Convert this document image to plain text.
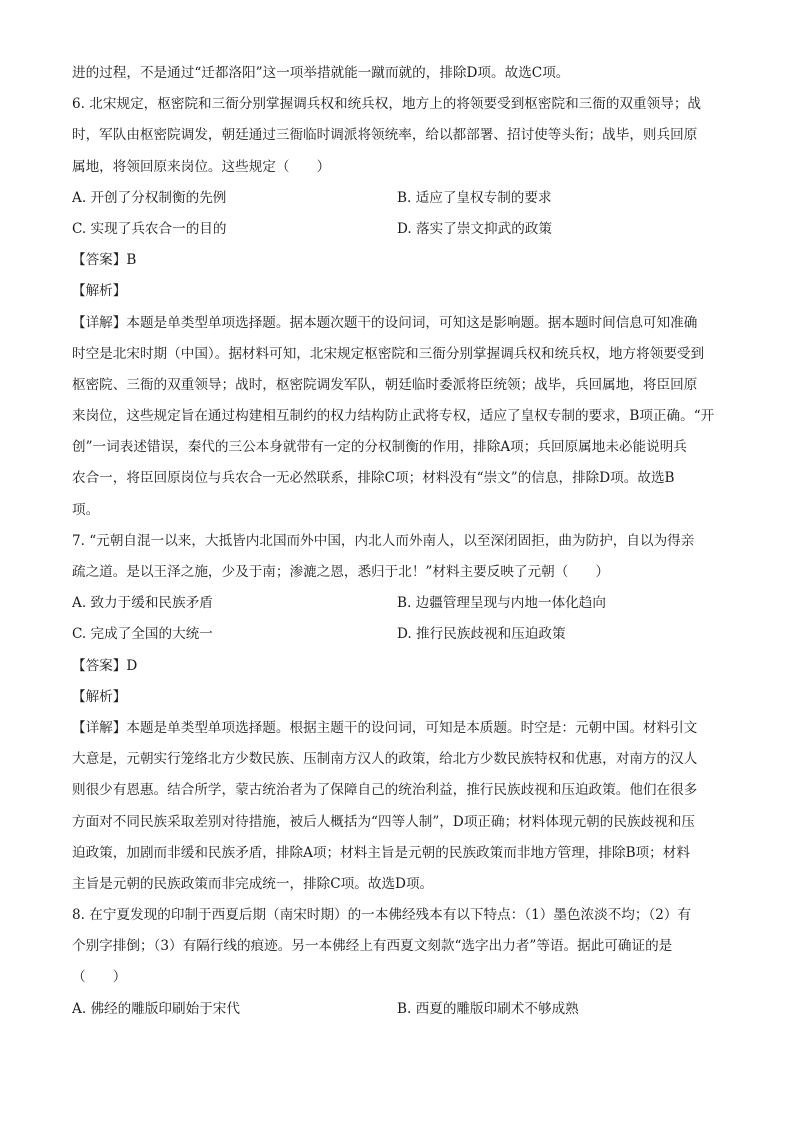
进的过程，不是通过“迁都洛阳”这一项举措就能一蹴而就的，排除D项。故选C项。
6. 北宋规定，枢密院和三衙分别掌握调兵权和统兵权，地方上的将领要受到枢密院和三衙的双重领导；战
时，军队由枢密院调发，朝廷通过三衙临时调派将领统率，给以都部署、招讨使等头衔；战毕，则兵回原
属地，将领回原来岗位。这些规定（　　）
A. 开创了分权制衡的先例	B. 适应了皇权专制的要求
C. 实现了兵农合一的目的	D. 落实了崇文抑武的政策
【答案】B
【解析】
【详解】本题是单类型单项选择题。据本题次题干的设问词，可知这是影响题。据本题时间信息可知准确
时空是北宋时期（中国）。据材料可知，北宋规定枢密院和三衙分别掌握调兵权和统兵权，地方将领要受到
枢密院、三衙的双重领导；战时，枢密院调发军队，朝廷临时委派将臣统领；战毕，兵回属地，将臣回原
来岗位，这些规定旨在通过构建相互制约的权力结构防止武将专权，适应了皇权专制的要求，B项正确。“开
创”一词表述错误，秦代的三公本身就带有一定的分权制衡的作用，排除A项；兵回原属地未必能说明兵
农合一，将臣回原岗位与兵农合一无必然联系，排除C项；材料没有“崇文”的信息，排除D项。故选B
项。
7. “元朝自混一以来，大抵皆内北国而外中国，内北人而外南人，以至深闭固拒，曲为防护，自以为得亲
疏之道。是以王泽之施，少及于南；渗漉之恩，悉归于北！”材料主要反映了元朝（　　）
A. 致力于缓和民族矛盾	B. 边疆管理呈现与内地一体化趋向
C. 完成了全国的大统一	D. 推行民族歧视和压迫政策
【答案】D
【解析】
【详解】本题是单类型单项选择题。根据主题干的设问词，可知是本质题。时空是：元朝中国。材料引文
大意是，元朝实行笼络北方少数民族、压制南方汉人的政策，给北方少数民族特权和优惠，对南方的汉人
则很少有恩惠。结合所学，蒙古统治者为了保障自己的统治利益，推行民族歧视和压迫政策。他们在很多
方面对不同民族采取差别对待措施，被后人概括为“四等人制”，D项正确；材料体现元朝的民族歧视和压
迫政策，加剧而非缓和民族矛盾，排除A项；材料主旨是元朝的民族政策而非地方管理，排除B项；材料
主旨是元朝的民族政策而非完成统一，排除C项。故选D项。
8. 在宁夏发现的印制于西夏后期（南宋时期）的一本佛经残本有以下特点：（1）墨色浓淡不均；（2）有
个别字排倒；（3）有隔行线的痕迹。另一本佛经上有西夏文刻款“选字出力者”等语。据此可确证的是
（　　）
A. 佛经的雕版印刷始于宋代	B. 西夏的雕版印刷术不够成熟
